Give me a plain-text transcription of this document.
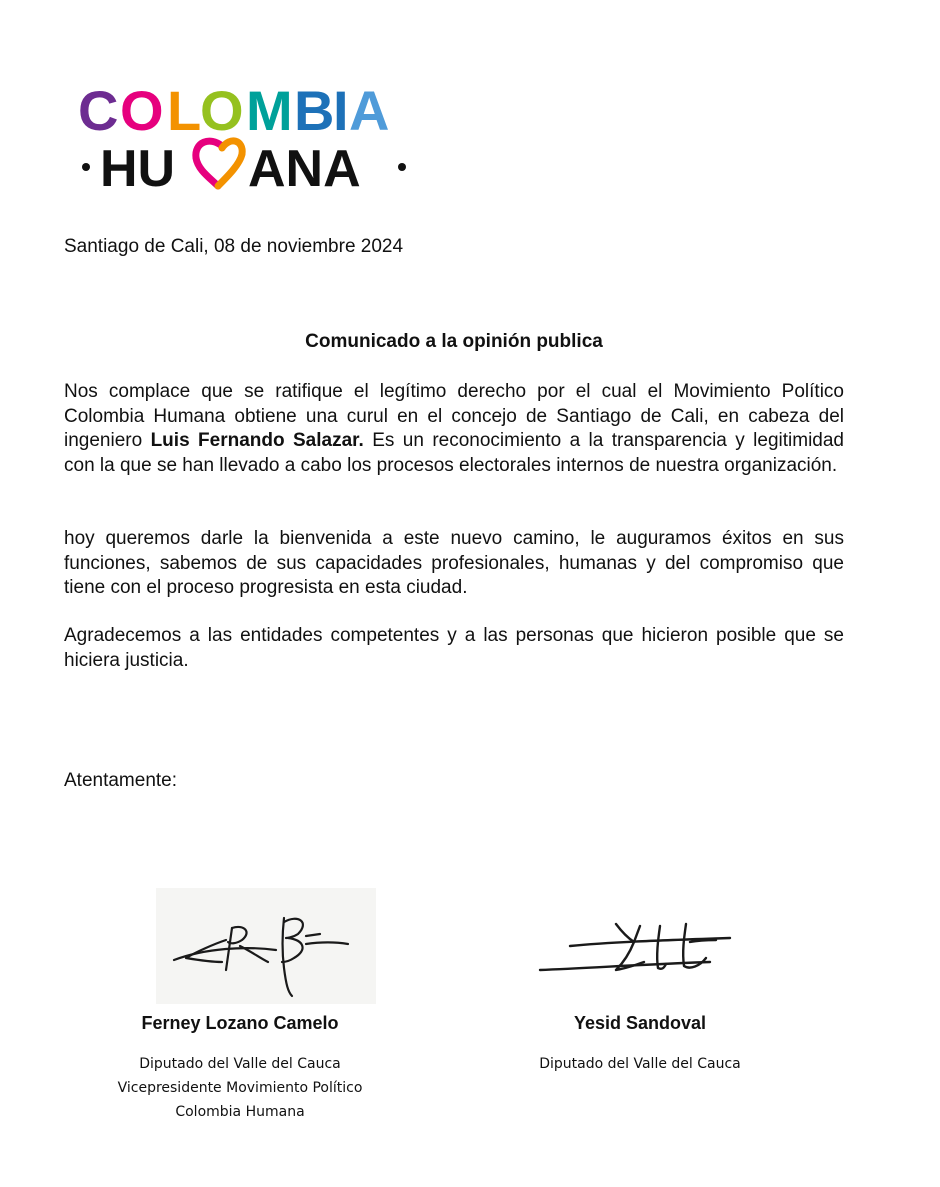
C O L
O M B
I A
HU ANA
Santiago de Cali, 08 de noviembre 2024
Comunicado a la opinión publica

Nos complace que se ratifique el legítimo derecho por el cual el Movimiento Político Colombia Humana obtiene una curul en el concejo de Santiago de Cali, en cabeza del ingeniero Luis Fernando Salazar. Es un reconocimiento a la transparencia y legitimidad con la que se han llevado a cabo los procesos electorales internos de nuestra organización.

hoy queremos darle la bienvenida a este nuevo camino, le auguramos éxitos en sus funciones, sabemos de sus capacidades profesionales, humanas y del compromiso que tiene con el proceso progresista en esta ciudad.

Agradecemos a las entidades competentes y a las personas que hicieron posible que se hiciera justicia.

Atentamente:
Ferney Lozano Camelo	Yesid Sandoval
Diputado del Valle del Cauca
Vicepresidente Movimiento Político
Colombia Humana
Diputado del Valle del Cauca
